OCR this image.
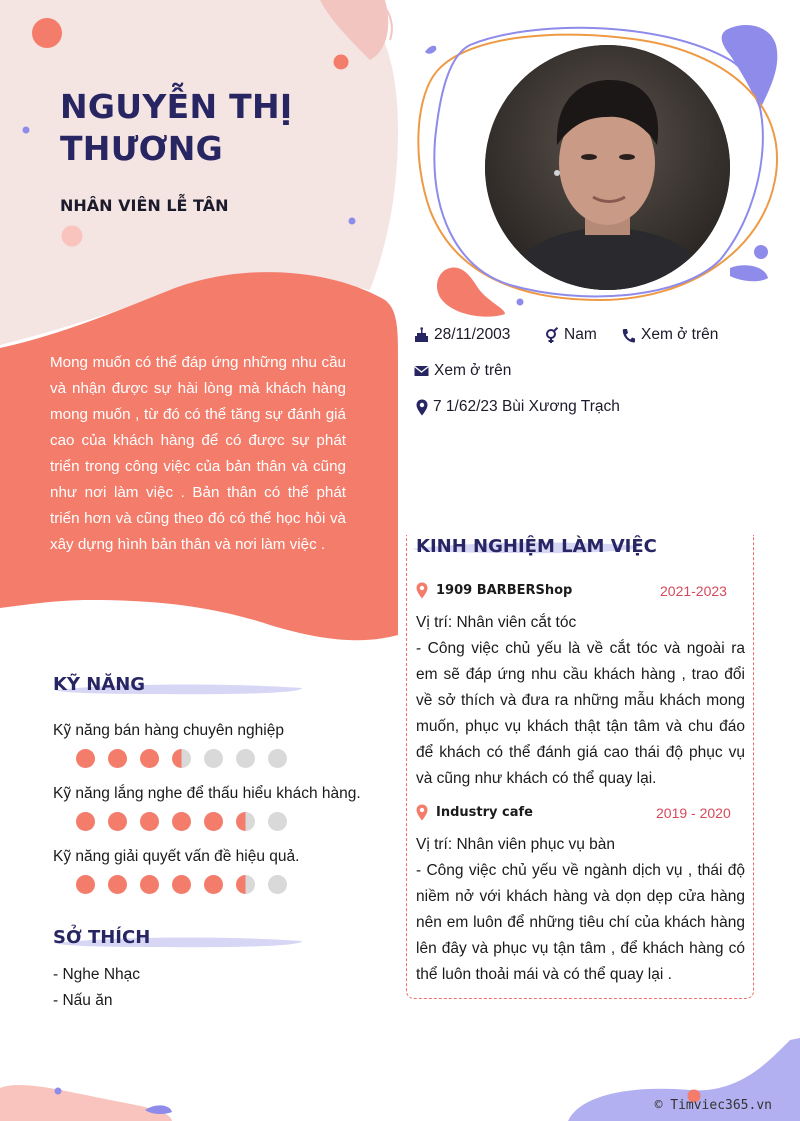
NGUYỄN THỊ THƯƠNG
NHÂN VIÊN LỄ TÂN
Mong muốn có thể đáp ứng những nhu cầu và nhận được sự hài lòng mà khách hàng mong muốn , từ đó có thể tăng sự đánh giá cao của khách hàng để có được sự phát triển trong công việc của bản thân và cũng như nơi làm việc . Bản thân có thể phát triển hơn và cũng theo đó có thể học hỏi và xây dựng hình bản thân và nơi làm việc .
28/11/2003	Nam	Xem ở trên
Xem ở trên
7 1/62/23 Bùi Xương Trạch
KỸ NĂNG
Kỹ năng bán hàng chuyên nghiệp
Kỹ năng lắng nghe để thấu hiểu khách hàng.
Kỹ năng giải quyết vấn đề hiệu quả.
SỞ THÍCH
- Nghe Nhạc
- Nấu ăn
KINH NGHIỆM LÀM VIỆC
1909 BARBERShop	2021-2023
Vị trí: Nhân viên cắt tóc
- Công việc chủ yếu là về cắt tóc và ngoài ra em sẽ đáp ứng nhu cầu khách hàng , trao đổi về sở thích và đưa ra những mẫu khách mong muốn, phục vụ khách thật tận tâm và chu đáo để khách có thể đánh giá cao thái độ phục vụ và cũng như khách có thể quay lại.
Industry cafe	2019 - 2020
Vị trí: Nhân viên phục vụ bàn
- Công việc chủ yếu về ngành dịch vụ , thái độ niềm nở với khách hàng và dọn dẹp cửa hàng nên em luôn để những tiêu chí của khách hàng lên đây và phục vụ tận tâm , để khách hàng có thể luôn thoải mái và có thể quay lại .
© Timviec365.vn
